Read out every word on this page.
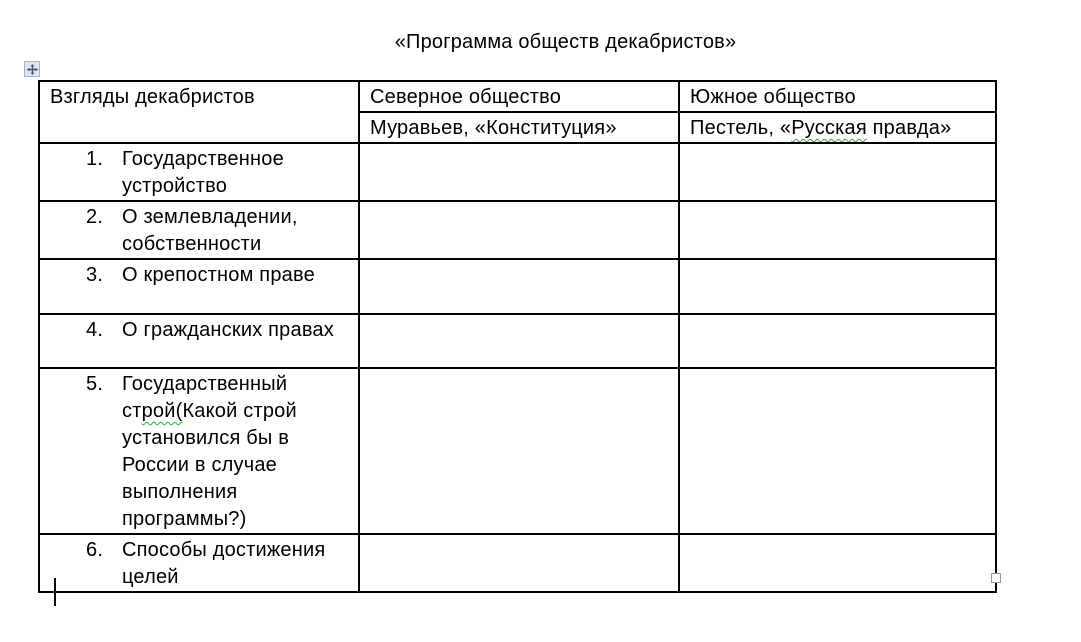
«Программа обществ декабристов»
Взгляды декабристов	Северное общество	Южное общество
	Муравьев, «Конституция»	Пестель, «Русская правда»

1. Государственное устройство		

2. О землевладении, собственности		

3. О крепостном праве		

4. О гражданских правах		

5. Государственный строй(Какой строй установился бы в России в случае выполнения программы?)		

6. Способы достижения целей		
